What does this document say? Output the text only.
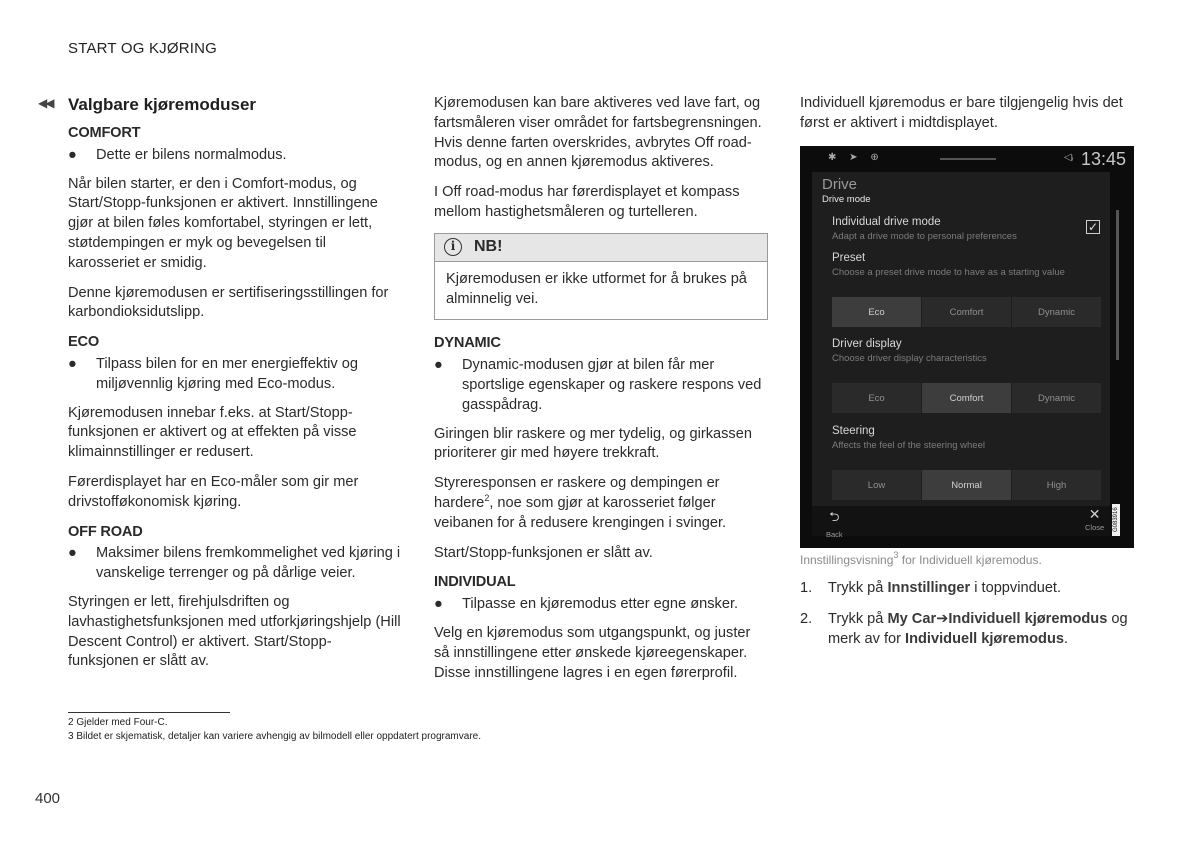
START OG KJØRING
◀◀ Valgbare kjøremoduser
COMFORT
●	Dette er bilens normalmodus.

Når bilen starter, er den i Comfort-modus, og Start/Stopp-funksjonen er aktivert. Innstillingene gjør at bilen føles komfortabel, styringen er lett, støtdempingen er myk og bevegelsen til karosseriet er smidig.

Denne kjøremodusen er sertifiseringsstillingen for karbondioksidutslipp.

ECO
●	Tilpass bilen for en mer energieffektiv og miljøvennlig kjøring med Eco-modus.

Kjøremodusen innebar f.eks. at Start/Stopp-funksjonen er aktivert og at effekten på visse klimainnstillinger er redusert.

Førerdisplayet har en Eco-måler som gir mer drivstofføkonomisk kjøring.

OFF ROAD
●	Maksimer bilens fremkommelighet ved kjøring i vanskelige terrenger og på dårlige veier.

Styringen er lett, firehjulsdriften og lavhastighetsfunksjonen med utforkjøringshjelp (Hill Descent Control) er aktivert. Start/Stopp-funksjonen er slått av.

Kjøremodusen kan bare aktiveres ved lave fart, og fartsmåleren viser området for fartsbegrensningen. Hvis denne farten overskrides, avbrytes Off road-modus, og en annen kjøremodus aktiveres.

I Off road-modus har førerdisplayet et kompass mellom hastighetsmåleren og turtelleren.

i	NB!
Kjøremodusen er ikke utformet for å brukes på alminnelig vei.
DYNAMIC
●	Dynamic-modusen gjør at bilen får mer sportslige egenskaper og raskere respons ved gasspådrag.

Giringen blir raskere og mer tydelig, og girkassen prioriterer gir med høyere trekkraft.

Styreresponsen er raskere og dempingen er hardere$^2$, noe som gjør at karosseriet følger veibanen for å redusere krengingen i svinger.

Start/Stopp-funksjonen er slått av.

INDIVIDUAL
●	Tilpasse en kjøremodus etter egne ønsker.

Velg en kjøremodus som utgangspunkt, og juster så innstillingene etter ønskede kjøreegenskaper. Disse innstillingene lagres i en egen førerprofil.

Individuell kjøremodus er bare tilgjengelig hvis det først er aktivert i midtdisplayet.

✱ ➤ ⊕	◁ᵢ 13:45
Drive
Drive mode
Individual drive mode
Adapt a drive mode to personal preferences
✓
Preset
Choose a preset drive mode to have as a starting value
Eco	Comfort	Dynamic
Driver display
Choose driver display characteristics
Eco	Comfort	Dynamic
Steering
Affects the feel of the steering wheel
Low	Normal	High
⮌
Back
✕
Close G083916
Innstillingsvisning$^3$ for Individuell kjøremodus.
1.	Trykk på Innstillinger i toppvinduet.
2.	Trykk på My Car➔Individuell kjøremodus og merk av for Individuell kjøremodus.
2 Gjelder med Four-C.
3 Bildet er skjematisk, detaljer kan variere avhengig av bilmodell eller oppdatert programvare.
400
